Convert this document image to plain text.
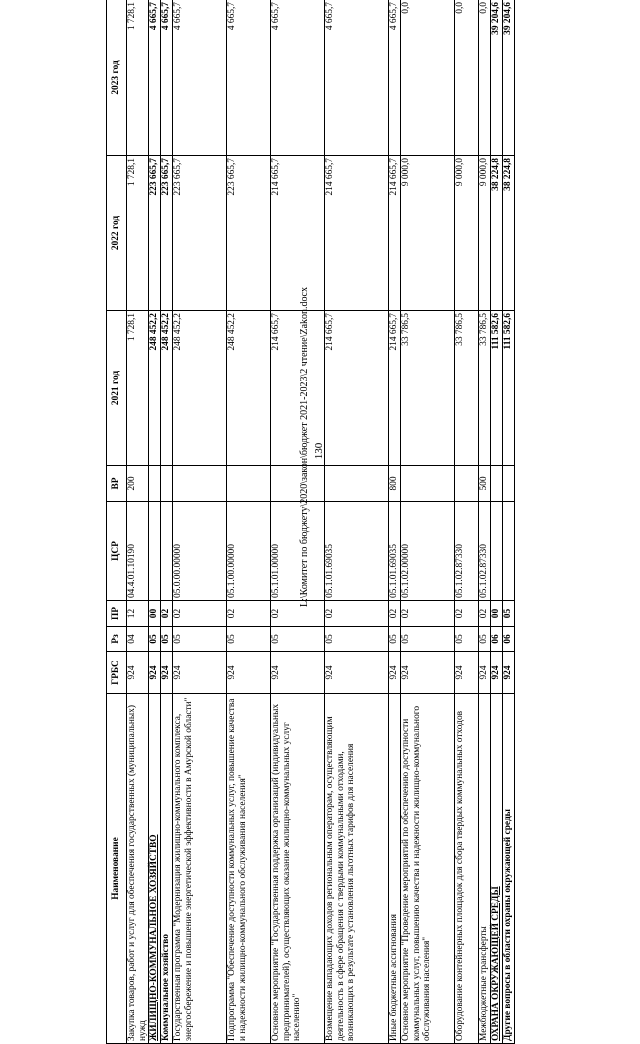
130
Наименование	ГРБС	Рз	ПР	ЦСР	ВР	2021 год	2022 год	2023 год
Закупка товаров, работ и услуг для обеспечения государственных (муниципальных) нужд	924	04	12	04.4.01.10190	200	1 728,1	1 728,1	1 728,1
ЖИЛИЩНО-КОММУНАЛЬНОЕ ХОЗЯЙСТВО	924	05	00			248 452,2	223 665,7	4 665,7
Коммунальное хозяйство	924	05	02			248 452,2	223 665,7	4 665,7
Государственная программа "Модернизация жилищно-коммунального комплекса, энергосбережение и повышение энергетической эффективности в Амурской области"	924	05	02	05.0.00.00000		248 452,2	223 665,7	4 665,7
Подпрограмма "Обеспечение доступности коммунальных услуг, повышение качества и надежности жилищно-коммунального обслуживания населения"	924	05	02	05.1.00.00000		248 452,2	223 665,7	4 665,7
Основное мероприятие "Государственная поддержка организаций (индивидуальных предпринимателей), осуществляющих оказание жилищно-коммунальных услуг населению"	924	05	02	05.1.01.00000		214 665,7	214 665,7	4 665,7
Возмещение выпадающих доходов региональным операторам, осуществляющим деятельность в сфере обращения с твердыми коммунальными отходами, возникающих в результате установления льготных тарифов для населения	924	05	02	05.1.01.69035		214 665,7	214 665,7	4 665,7
Иные бюджетные ассигнования	924	05	02	05.1.01.69035	800	214 665,7	214 665,7	4 665,7
Основное мероприятие "Проведение мероприятий по обеспечению доступности коммунальных услуг, повышению качества и надежности жилищно-коммунального обслуживания населения"	924	05	02	05.1.02.00000		33 786,5	9 000,0	0,0
Оборудование контейнерных площадок для сбора твердых коммунальных отходов	924	05	02	05.1.02.87330		33 786,5	9 000,0	0,0
Межбюджетные трансферты	924	05	02	05.1.02.87330	500	33 786,5	9 000,0	0,0
ОХРАНА ОКРУЖАЮЩЕЙ СРЕДЫ	924	06	00			111 582,6	38 224,8	39 204,6
Другие вопросы в области охраны окружающей среды	924	06	05			111 582,6	38 224,8	39 204,6
L:\Комитет по бюджету\2020\закон\бюджет 2021-2023\2 чтение\Zakon.docx
